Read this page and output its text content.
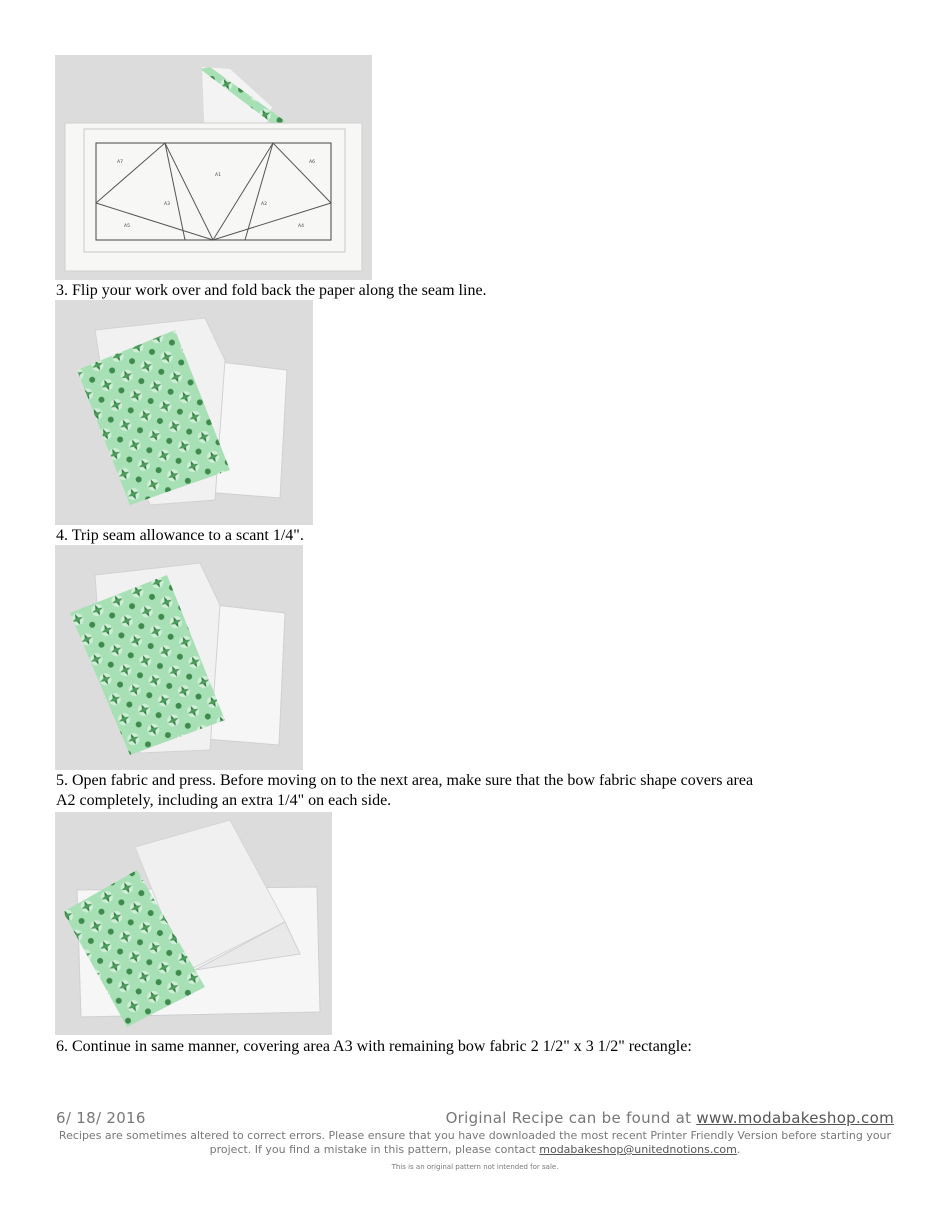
A7
A1
A6
A3	A2
A5	A4

3. Flip your work over and fold back the paper along the seam line.

4. Trip seam allowance to a scant 1/4".

5. Open fabric and press. Before moving on to the next area, make sure that the bow fabric shape covers area

A2 completely, including an extra 1/4" on each side.

6. Continue in same manner, covering area A3 with remaining bow fabric 2 1/2" x 3 1/2" rectangle:

6/ 18/ 2016	Original Recipe can be found at www.modabakeshop.com
Recipes are sometimes altered to correct errors. Please ensure that you have downloaded the most recent Printer Friendly Version before starting your project. If you find a mistake in this pattern, please contact modabakeshop@unitednotions.com.
This is an original pattern not intended for sale.
